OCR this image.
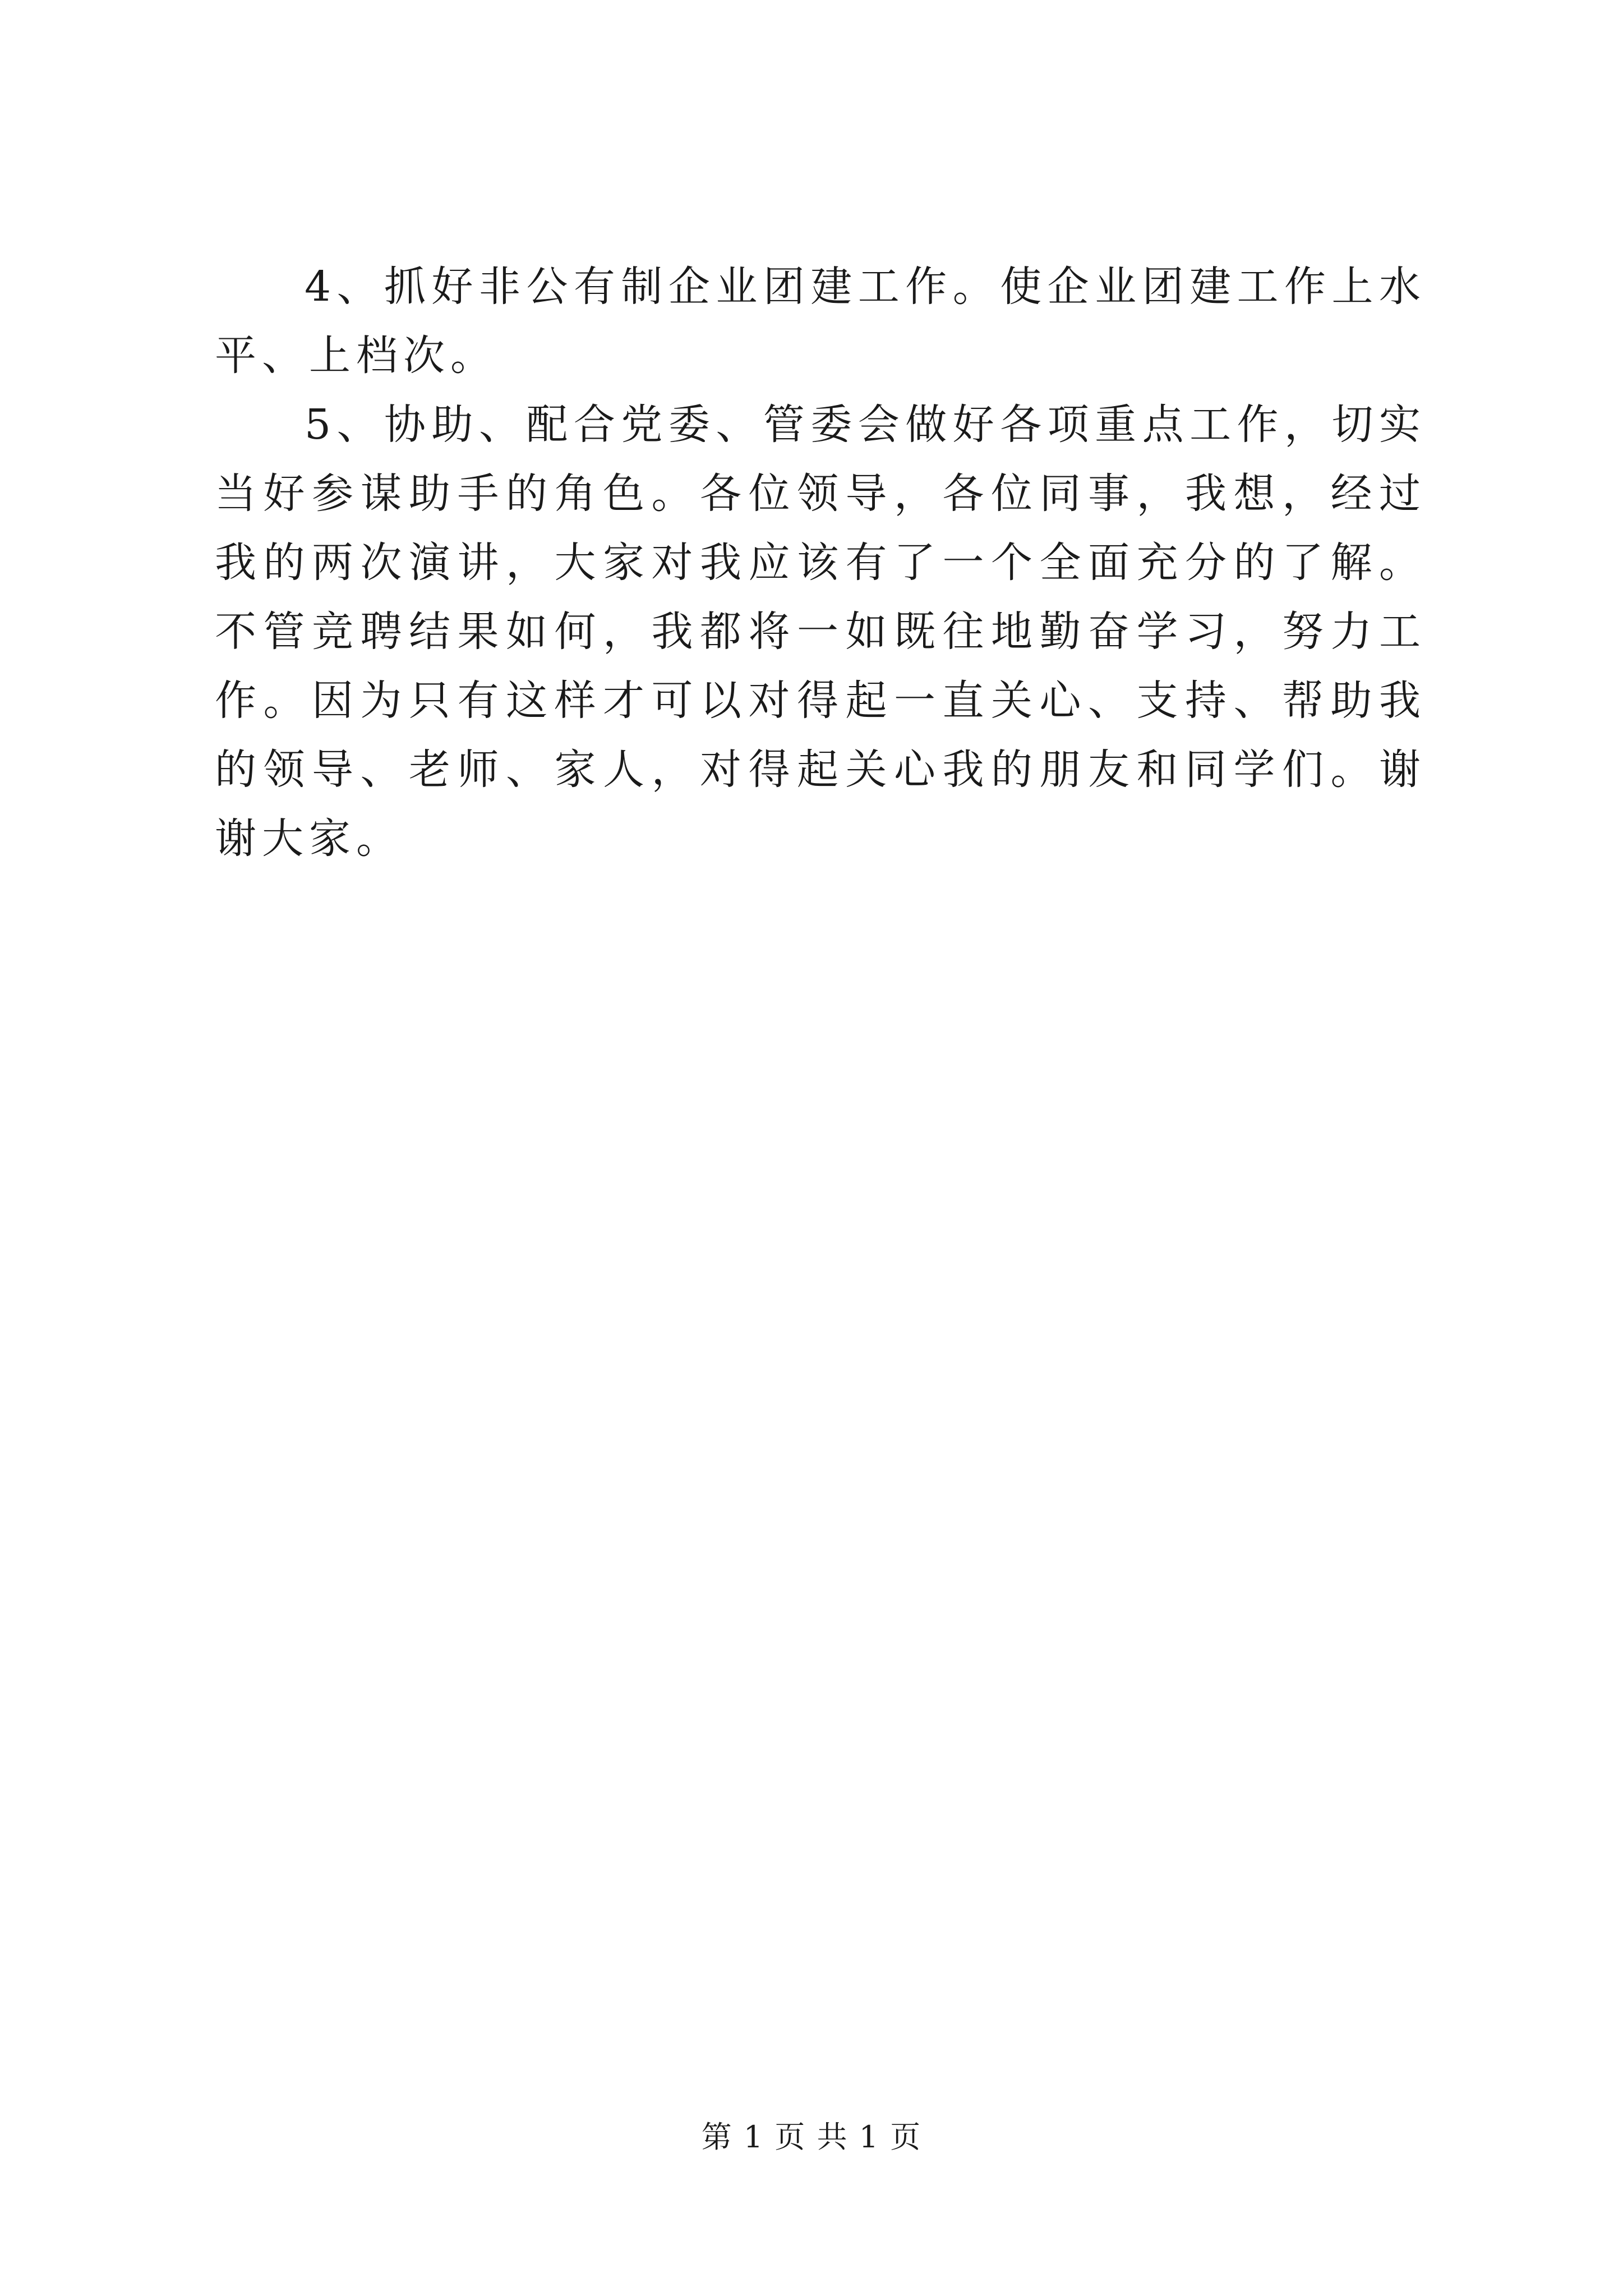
4、抓好非公有制企业团建工作。使企业团建工作上水平、上档次。

5、协助、配合党委、管委会做好各项重点工作，切实当好参谋助手的角色。各位领导，各位同事，我想，经过我的两次演讲，大家对我应该有了一个全面充分的了解。不管竞聘结果如何，我都将一如既往地勤奋学习，努力工作。因为只有这样才可以对得起一直关心、支持、帮助我的领导、老师、家人，对得起关心我的朋友和同学们。谢谢大家。

第 1 页 共 1 页
